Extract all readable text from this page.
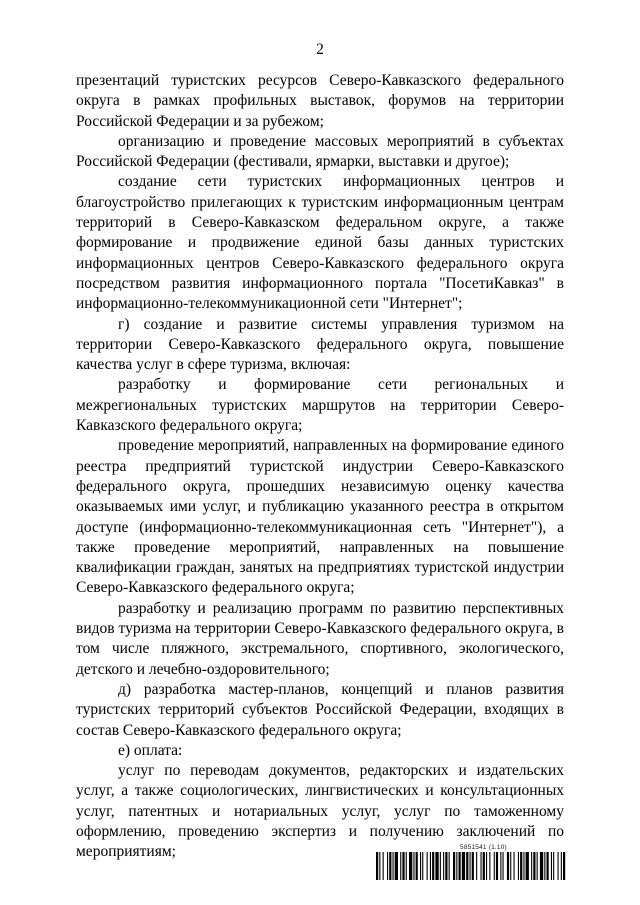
2

презентаций туристских ресурсов Северо-Кавказского федерального округа в рамках профильных выставок, форумов на территории Российской Федерации и за рубежом;

организацию и проведение массовых мероприятий в субъектах Российской Федерации (фестивали, ярмарки, выставки и другое);

создание сети туристских информационных центров и благоустройство прилегающих к туристским информационным центрам территорий в Северо-Кавказском федеральном округе, а также формирование и продвижение единой базы данных туристских информационных центров Северо-Кавказского федерального округа посредством развития информационного портала "ПосетиКавказ" в информационно-телекоммуникационной сети "Интернет";

г) создание и развитие системы управления туризмом на территории Северо-Кавказского федерального округа, повышение качества услуг в сфере туризма, включая:

разработку и формирование сети региональных и межрегиональных туристских маршрутов на территории Северо-Кавказского федерального округа;

проведение мероприятий, направленных на формирование единого реестра предприятий туристской индустрии Северо-Кавказского федерального округа, прошедших независимую оценку качества оказываемых ими услуг, и публикацию указанного реестра в открытом доступе (информационно-телекоммуникационная сеть "Интернет"), а также проведение мероприятий, направленных на повышение квалификации граждан, занятых на предприятиях туристской индустрии Северо-Кавказского федерального округа;

разработку и реализацию программ по развитию перспективных видов туризма на территории Северо-Кавказского федерального округа, в том числе пляжного, экстремального, спортивного, экологического, детского и лечебно-оздоровительного;

д) разработка мастер-планов, концепций и планов развития туристских территорий субъектов Российской Федерации, входящих в состав Северо-Кавказского федерального округа;

е) оплата:

услуг по переводам документов, редакторских и издательских услуг, а также социологических, лингвистических и консультационных услуг, патентных и нотариальных услуг, услуг по таможенному оформлению, проведению экспертиз и получению заключений по мероприятиям;	5851541 (1.10)
